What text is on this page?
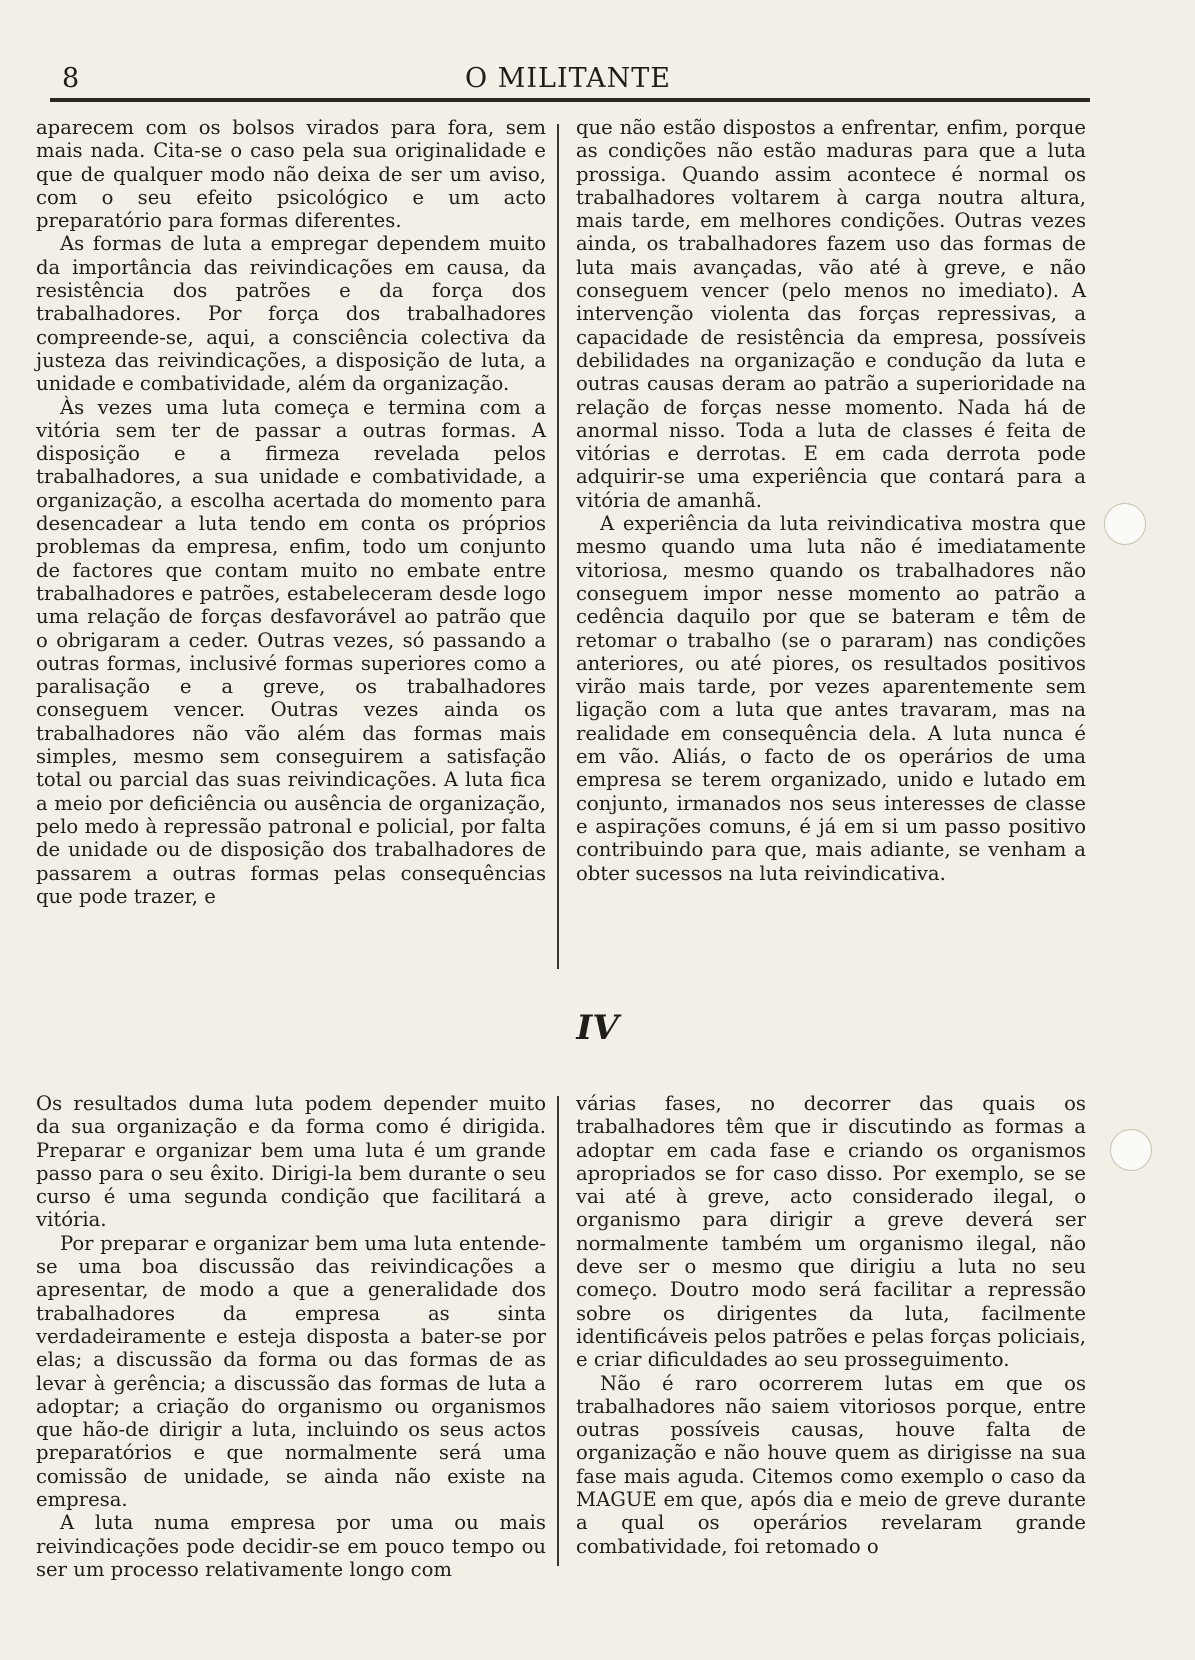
8	O MILITANTE

aparecem com os bolsos virados para fora, sem mais nada. Cita-se o caso pela sua originalidade e que de qualquer modo não deixa de ser um aviso, com o seu efeito psicológico e um acto preparatório para formas diferentes.

As formas de luta a empregar dependem muito da importância das reivindicações em causa, da resistência dos patrões e da força dos trabalhadores. Por força dos trabalhadores compreende-se, aqui, a consciência colectiva da justeza das reivindicações, a disposição de luta, a unidade e combatividade, além da organização.

Às vezes uma luta começa e termina com a vitória sem ter de passar a outras formas. A disposição e a firmeza revelada pelos trabalhadores, a sua unidade e combatividade, a organização, a escolha acertada do momento para desencadear a luta tendo em conta os próprios problemas da empresa, enfim, todo um conjunto de factores que contam muito no embate entre trabalhadores e patrões, estabeleceram desde logo uma relação de forças desfavorável ao patrão que o obrigaram a ceder. Outras vezes, só passando a outras formas, inclusivé formas superiores como a paralisação e a greve, os trabalhadores conseguem vencer. Outras vezes ainda os trabalhadores não vão além das formas mais simples, mesmo sem conseguirem a satisfação total ou parcial das suas reivindicações. A luta fica a meio por deficiência ou ausência de organização, pelo medo à repressão patronal e policial, por falta de unidade ou de disposição dos trabalhadores de passarem a outras formas pelas consequências que pode trazer, e

que não estão dispostos a enfrentar, enfim, porque as condições não estão maduras para que a luta prossiga. Quando assim acontece é normal os trabalhadores voltarem à carga noutra altura, mais tarde, em melhores condições. Outras vezes ainda, os trabalhadores fazem uso das formas de luta mais avançadas, vão até à greve, e não conseguem vencer (pelo menos no imediato). A intervenção violenta das forças repressivas, a capacidade de resistência da empresa, possíveis debilidades na organização e condução da luta e outras causas deram ao patrão a superioridade na relação de forças nesse momento. Nada há de anormal nisso. Toda a luta de classes é feita de vitórias e derrotas. E em cada derrota pode adquirir-se uma experiência que contará para a vitória de amanhã.

A experiência da luta reivindicativa mostra que mesmo quando uma luta não é imediatamente vitoriosa, mesmo quando os trabalhadores não conseguem impor nesse momento ao patrão a cedência daquilo por que se bateram e têm de retomar o trabalho (se o pararam) nas condições anteriores, ou até piores, os resultados positivos virão mais tarde, por vezes aparentemente sem ligação com a luta que antes travaram, mas na realidade em consequência dela. A luta nunca é em vão. Aliás, o facto de os operários de uma empresa se terem organizado, unido e lutado em conjunto, irmanados nos seus interesses de classe e aspirações comuns, é já em si um passo positivo contribuindo para que, mais adiante, se venham a obter sucessos na luta reivindicativa.

IV

Os resultados duma luta podem depender muito da sua organização e da forma como é dirigida. Preparar e organizar bem uma luta é um grande passo para o seu êxito. Dirigi-la bem durante o seu curso é uma segunda condição que facilitará a vitória.

Por preparar e organizar bem uma luta entende-se uma boa discussão das reivindicações a apresentar, de modo a que a generalidade dos trabalhadores da empresa as sinta verdadeiramente e esteja disposta a bater-se por elas; a discussão da forma ou das formas de as levar à gerência; a discussão das formas de luta a adoptar; a criação do organismo ou organismos que hão-de dirigir a luta, incluindo os seus actos preparatórios e que normalmente será uma comissão de unidade, se ainda não existe na empresa.

A luta numa empresa por uma ou mais reivindicações pode decidir-se em pouco tempo ou ser um processo relativamente longo com

várias fases, no decorrer das quais os trabalhadores têm que ir discutindo as formas a adoptar em cada fase e criando os organismos apropriados se for caso disso. Por exemplo, se se vai até à greve, acto considerado ilegal, o organismo para dirigir a greve deverá ser normalmente também um organismo ilegal, não deve ser o mesmo que dirigiu a luta no seu começo. Doutro modo será facilitar a repressão sobre os dirigentes da luta, facilmente identificáveis pelos patrões e pelas forças policiais, e criar dificuldades ao seu prosseguimento.

Não é raro ocorrerem lutas em que os trabalhadores não saiem vitoriosos porque, entre outras possíveis causas, houve falta de organização e não houve quem as dirigisse na sua fase mais aguda. Citemos como exemplo o caso da MAGUE em que, após dia e meio de greve durante a qual os operários revelaram grande combatividade, foi retomado o
